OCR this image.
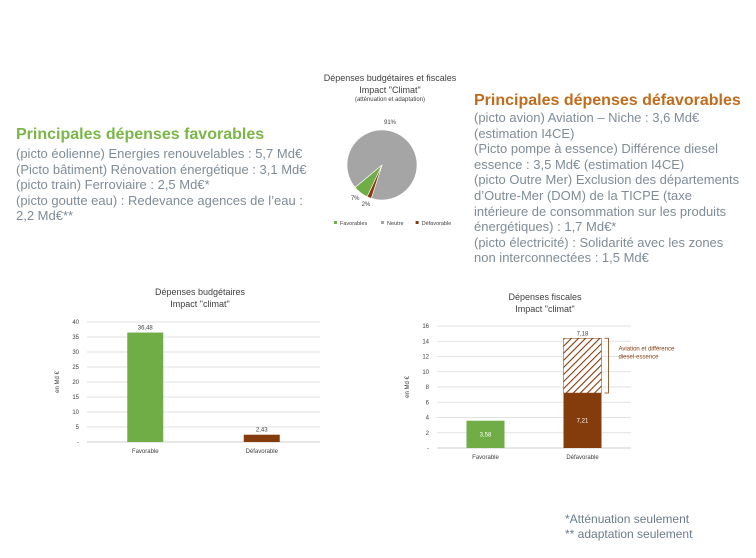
Principales dépenses favorables
(picto éolienne) Energies renouvelables : 5,7 Md€
(Picto bâtiment) Rénovation énergétique : 3,1 Md€
(picto train) Ferroviaire : 2,5 Md€*
(picto goutte eau) : Redevance agences de l’eau : 2,2 Md€**
Principales dépenses défavorables
(picto avion) Aviation – Niche : 3,6 Md€ (estimation I4CE)
(Picto pompe à essence) Différence diesel essence : 3,5 Md€ (estimation I4CE)
(picto Outre Mer) Exclusion des départements d’Outre-Mer (DOM) de la TICPE (taxe intérieure de consommation sur les produits énergétiques) : 1,7 Md€*
(picto électricité) : Solidarité avec les zones non interconnectées : 1,5 Md€
Dépenses budgétaires et fiscales
Impact "Climat"
(atténuation et adaptation)
7%
91%
2%
Favorables	Neutre	Défavorable
Dépenses budgétaires
Impact "climat"
-
5
10
15
20
25
30
35
40
en Md €
36,48
Favorable
2,43
Défavorable
Dépenses fiscales
Impact "climat"
-
2
4
6
8
10
12
14
16
en Md €
3,58
Favorable
7,21
7,18
Défavorable
Aviation et différence
diesel-essence
*Atténuation seulement
** adaptation seulement
